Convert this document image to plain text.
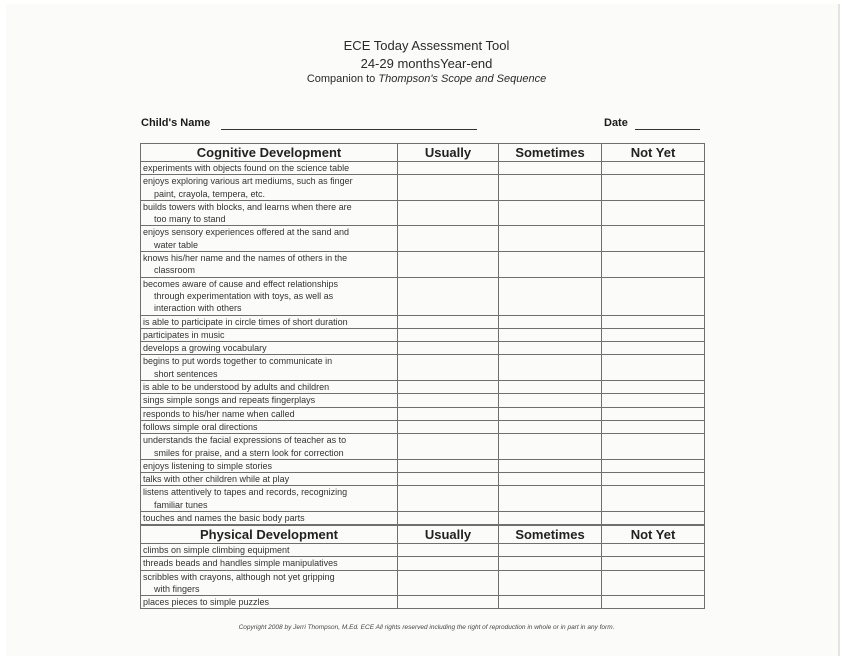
ECE Today Assessment Tool
24-29 monthsYear-end
Companion to Thompson's Scope and Sequence
Child's Name	Date
Cognitive Development	Usually	Sometimes	Not Yet

experiments with objects found on the science table			

enjoys exploring various art mediums, such as finger
paint, crayola, tempera, etc.			

builds towers with blocks, and learns when there are
too many to stand			

enjoys sensory experiences offered at the sand and
water table			

knows his/her name and the names of others in the
classroom			

becomes aware of cause and effect relationships
through experimentation with toys, as well as
interaction with others			

is able to participate in circle times of short duration			

participates in music			

develops a growing vocabulary			

begins to put words together to communicate in
short sentences			

is able to be understood by adults and children			

sings simple songs and repeats fingerplays			

responds to his/her name when called			

follows simple oral directions			

understands the facial expressions of teacher as to
smiles for praise, and a stern look for correction			

enjoys listening to simple stories			

talks with other children while at play			

listens attentively to tapes and records, recognizing
familiar tunes			

touches and names the basic body parts			

Physical Development	Usually	Sometimes	Not Yet

climbs on simple climbing equipment			

threads beads and handles simple manipulatives			

scribbles with crayons, although not yet gripping
with fingers			

places pieces to simple puzzles			

Copyright 2008 by Jerri Thompson, M.Ed. ECE All rights reserved including the right of reproduction in whole or in part in any form.
